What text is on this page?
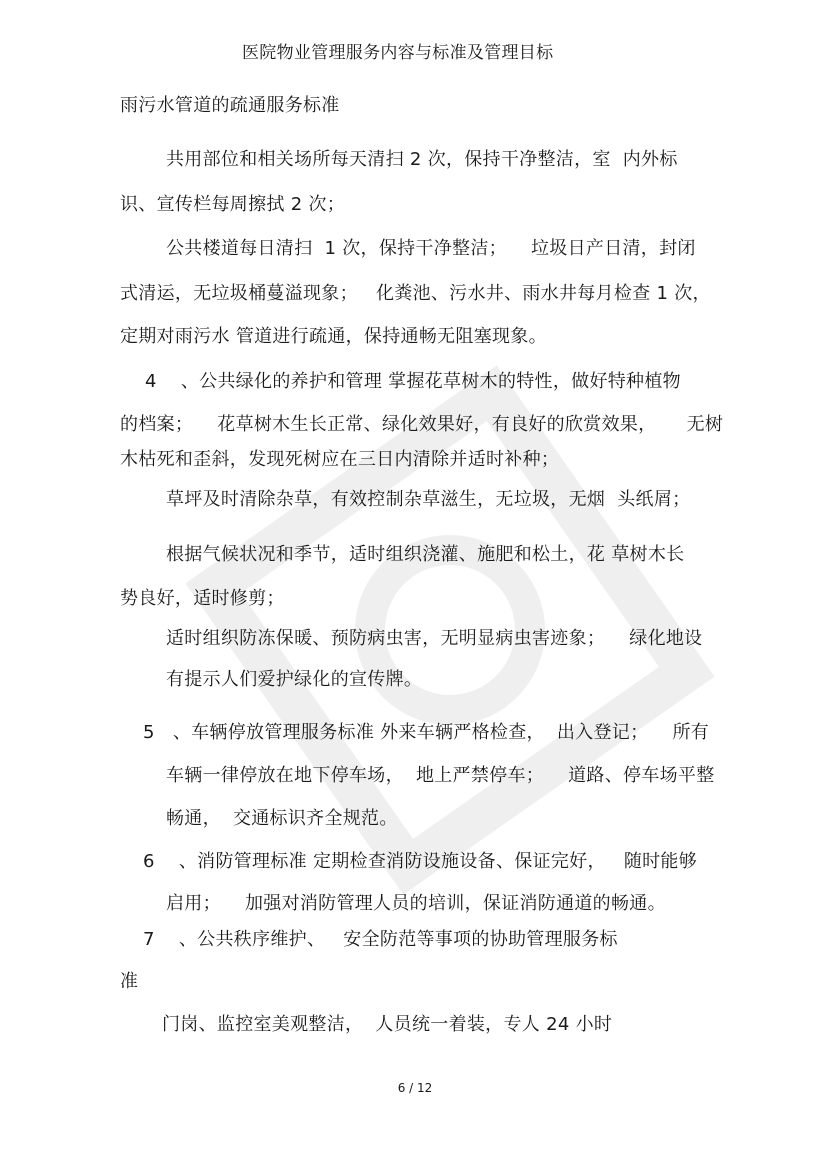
医院物业管理服务内容与标准及管理目标
雨污水管道的疏通服务标准
共用部位和相关场所每天清扫 2 次，保持干净整洁，室  内外标
识、宣传栏每周擦拭 2 次；
公共楼道每日清扫  1 次，保持干净整洁；    垃圾日产日清，封闭
式清运，无垃圾桶蔓溢现象；   化粪池、污水井、雨水井每月检查 1 次，
定期对雨污水 管道进行疏通，保持通畅无阻塞现象。
4    、公共绿化的养护和管理 掌握花草树木的特性，做好特种植物
的档案；    花草树木生长正常、绿化效果好，有良好的欣赏效果，     无树
木枯死和歪斜，发现死树应在三日内清除并适时补种；
草坪及时清除杂草，有效控制杂草滋生，无垃圾，无烟  头纸屑；
根据气候状况和季节，适时组织浇灌、施肥和松土，花 草树木长
势良好，适时修剪；
适时组织防冻保暖、预防病虫害，无明显病虫害迹象；    绿化地设
有提示人们爱护绿化的宣传牌。
5   、车辆停放管理服务标准 外来车辆严格检查，  出入登记；    所有
车辆一律停放在地下停车场，  地上严禁停车；    道路、停车场平整
畅通，  交通标识齐全规范。
6    、消防管理标准 定期检查消防设施设备、保证完好，   随时能够
启用；    加强对消防管理人员的培训，保证消防通道的畅通。
7    、公共秩序维护、   安全防范等事项的协助管理服务标
准
门岗、监控室美观整洁，  人员统一着装，专人 24 小时
6 / 12
